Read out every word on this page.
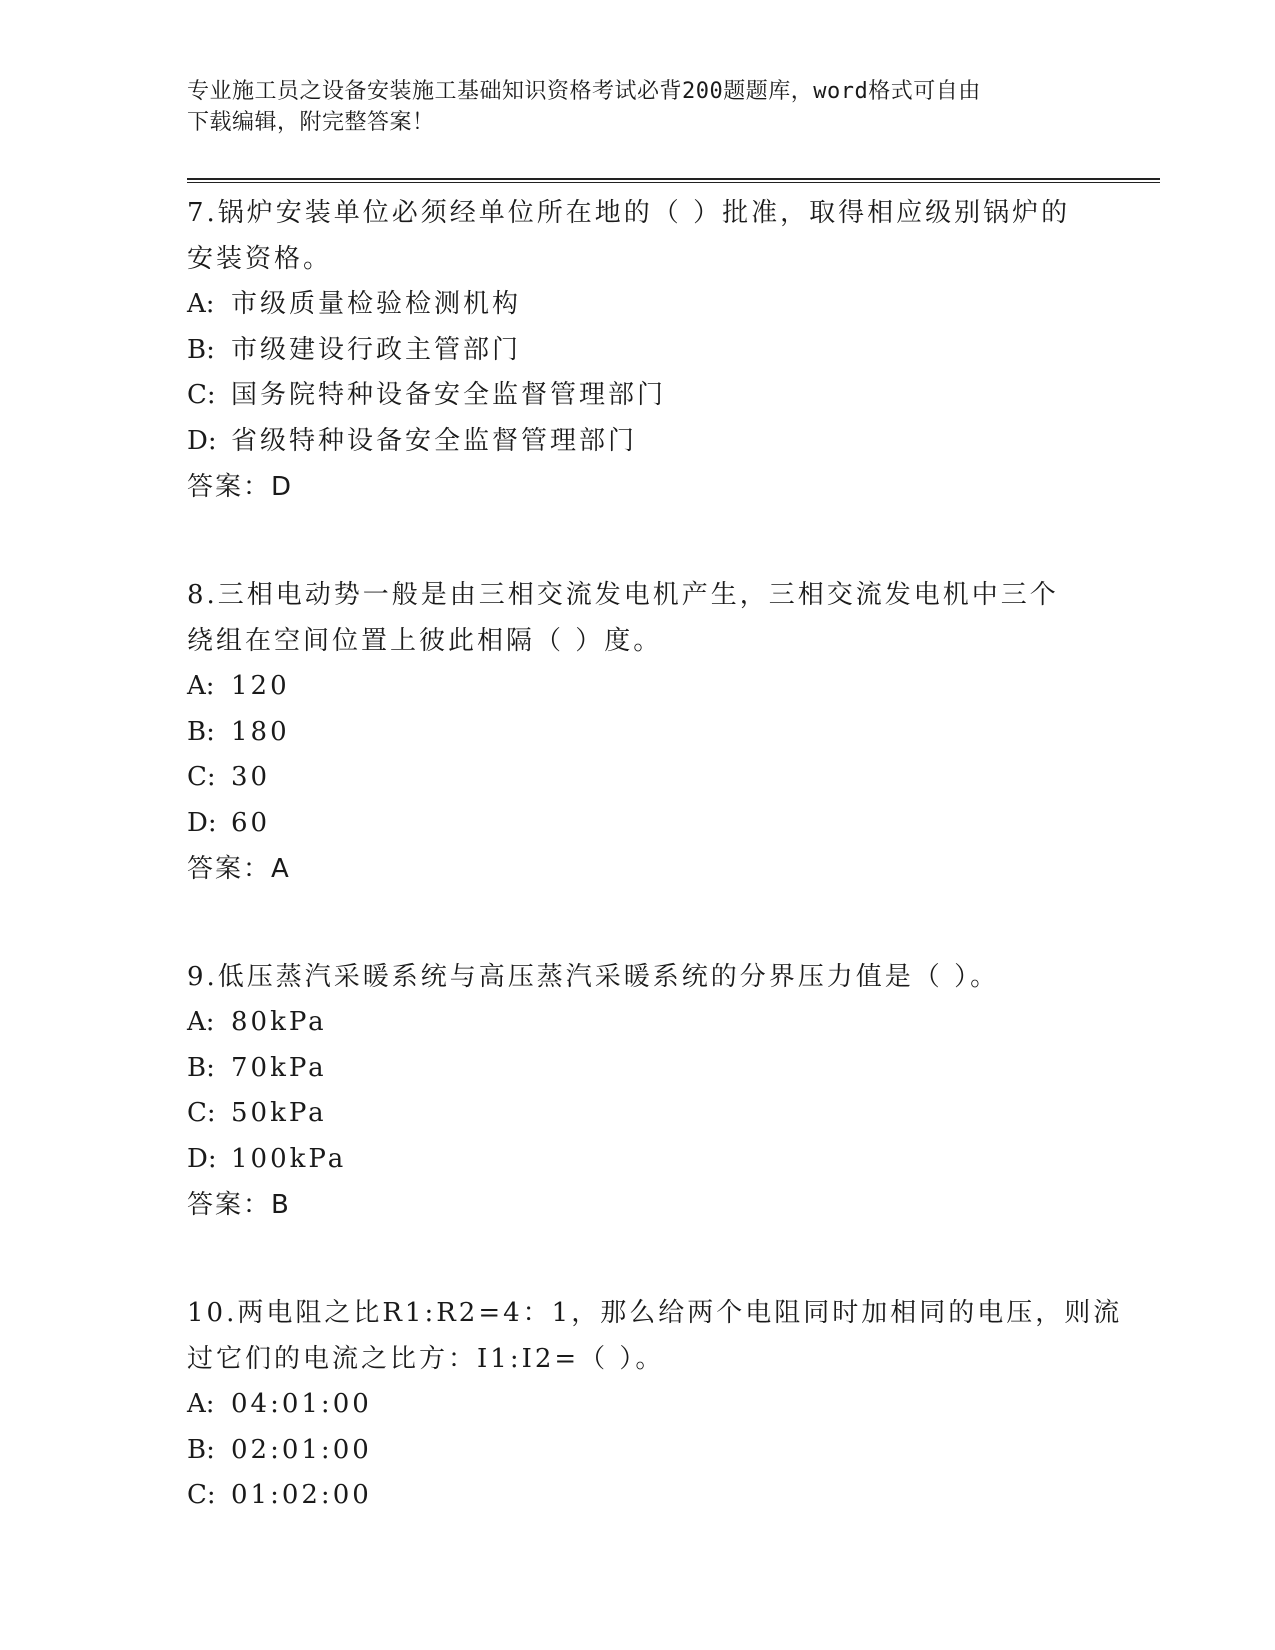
专业施工员之设备安装施工基础知识资格考试必背200题题库，word格式可自由
下载编辑，附完整答案！
7.锅炉安装单位必须经单位所在地的（ ）批准，取得相应级别锅炉的
安装资格。
A: 市级质量检验检测机构
B: 市级建设行政主管部门
C: 国务院特种设备安全监督管理部门
D: 省级特种设备安全监督管理部门
答案：D
8.三相电动势一般是由三相交流发电机产生，三相交流发电机中三个
绕组在空间位置上彼此相隔（ ）度。
A: 120
B: 180
C: 30
D: 60
答案：A
9.低压蒸汽采暖系统与高压蒸汽采暖系统的分界压力值是（ ）。
A: 80kPa
B: 70kPa
C: 50kPa
D: 100kPa
答案：B
10.两电阻之比R1:R2=4：1，那么给两个电阻同时加相同的电压，则流
过它们的电流之比方：I1:I2=（ ）。
A: 04:01:00
B: 02:01:00
C: 01:02:00
